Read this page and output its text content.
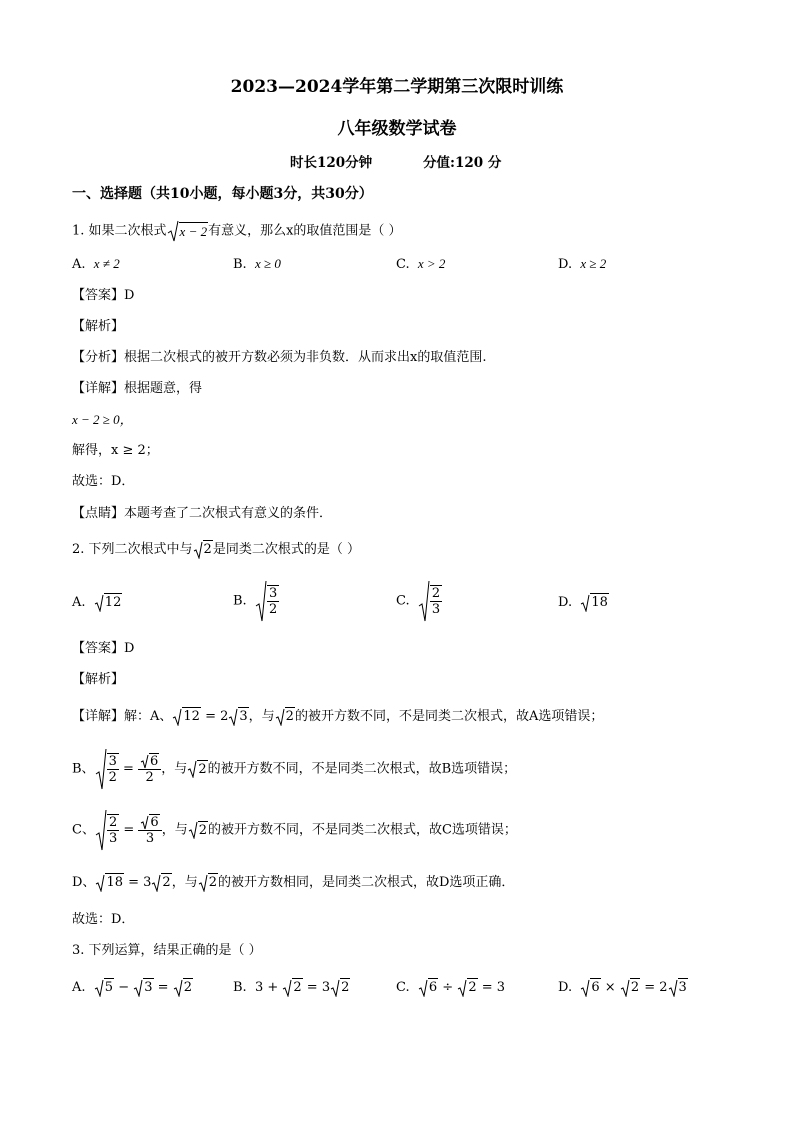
2023—2024学年第二学期第三次限时训练
八年级数学试卷
时长120分钟	分值:120 分
一、选择题（共10小题，每小题3分，共30分）
1. 如果二次根式 x − 2 有意义，那么x的取值范围是（ ）
A. x ≠ 2	B. x ≥ 0	C. x > 2	D. x ≥ 2
【答案】D
【解析】
【分析】根据二次根式的被开方数必须为非负数．从而求出x的取值范围.
【详解】根据题意，得
x − 2 ≥ 0，
解得，x ≥ 2；
故选：D．
【点睛】本题考查了二次根式有意义的条件．
2. 下列二次根式中与 2 是同类二次根式的是（ ）
A. 12	B. $\frac{3}{2}$	C. $\frac{2}{3}$	D. 18
【答案】D
【解析】
【详解】解：A、 12 = 2 3 ，与 2 的被开方数不同，不是同类二次根式，故A选项错误；
B、 $\frac{3}{2} = \frac{6}{2}$ ，与 2 的被开方数不同，不是同类二次根式，故B选项错误；
C、 $\frac{2}{3} = \frac{6}{3}$ ，与 2 的被开方数不同，不是同类二次根式，故C选项错误；
D、 18 = 3 2 ，与 2 的被开方数相同，是同类二次根式，故D选项正确．
故选：D．
3. 下列运算，结果正确的是（ ）
A. 5 − 3 = 2	B.  3 + 2 = 3 2	C. 6 ÷ 2 = 3	D. 6 × 2 = 2 3
